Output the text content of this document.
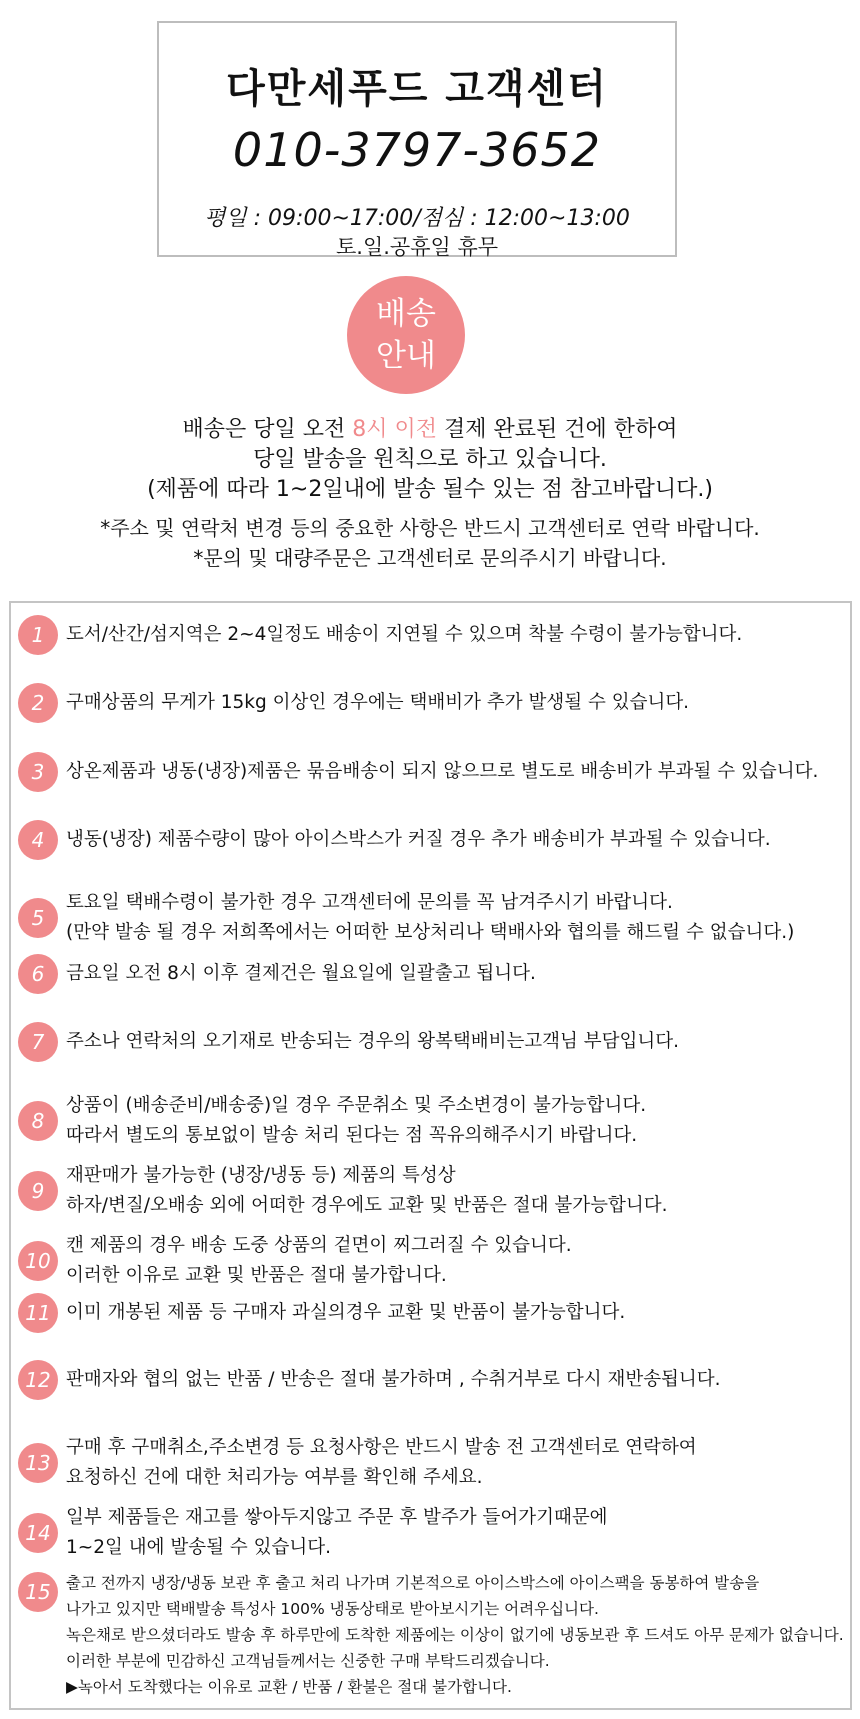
다만세푸드 고객센터
010-3797-3652
평일 : 09:00~17:00/점심 : 12:00~13:00
토.일.공휴일 휴무
배송
안내
배송은 당일 오전 8시 이전 결제 완료된 건에 한하여
당일 발송을 원칙으로 하고 있습니다.
(제품에 따라 1~2일내에 발송 될수 있는 점 참고바랍니다.)
*주소 및 연락처 변경 등의 중요한 사항은 반드시 고객센터로 연락 바랍니다.
*문의 및 대량주문은 고객센터로 문의주시기 바랍니다.
1	도서/산간/섬지역은 2~4일정도 배송이 지연될 수 있으며 착불 수령이 불가능합니다.
2	구매상품의 무게가 15kg 이상인 경우에는 택배비가 추가 발생될 수 있습니다.
3	상온제품과 냉동(냉장)제품은 묶음배송이 되지 않으므로 별도로 배송비가 부과될 수 있습니다.
4	냉동(냉장) 제품수량이 많아 아이스박스가 커질 경우 추가 배송비가 부과될 수 있습니다.
5
토요일 택배수령이 불가한 경우 고객센터에 문의를 꼭 남겨주시기 바랍니다.
(만약 발송 될 경우 저희쪽에서는 어떠한 보상처리나 택배사와 협의를 해드릴 수 없습니다.)
6	금요일 오전 8시 이후 결제건은 월요일에 일괄출고 됩니다.
7	주소나 연락처의 오기재로 반송되는 경우의 왕복택배비는고객님 부담입니다.
8
상품이 (배송준비/배송중)일 경우 주문취소 및 주소변경이 불가능합니다.
따라서 별도의 통보없이 발송 처리 된다는 점 꼭유의해주시기 바랍니다.
9
재판매가 불가능한 (냉장/냉동 등) 제품의 특성상
하자/변질/오배송 외에 어떠한 경우에도 교환 및 반품은 절대 불가능합니다.
10
캔 제품의 경우 배송 도중 상품의 겉면이 찌그러질 수 있습니다.
이러한 이유로 교환 및 반품은 절대 불가합니다.
11 이미 개봉된 제품 등 구매자 과실의경우 교환 및 반품이 불가능합니다.
12 판매자와 협의 없는 반품 / 반송은 절대 불가하며 , 수취거부로 다시 재반송됩니다.
13
구매 후 구매취소,주소변경 등 요청사항은 반드시 발송 전 고객센터로 연락하여
요청하신 건에 대한 처리가능 여부를 확인해 주세요.
14
일부 제품들은 재고를 쌓아두지않고 주문 후 발주가 들어가기때문에
1~2일 내에 발송될 수 있습니다.
15 출고 전까지 냉장/냉동 보관 후 출고 처리 나가며 기본적으로 아이스박스에 아이스팩을 동봉하여 발송을
나가고 있지만 택배발송 특성사 100% 냉동상태로 받아보시기는 어려우십니다.
녹은채로 받으셨더라도 발송 후 하루만에 도착한 제품에는 이상이 없기에 냉동보관 후 드셔도 아무 문제가 없습니다.
이러한 부분에 민감하신 고객님들께서는 신중한 구매 부탁드리겠습니다.
▶녹아서 도착했다는 이유로 교환 / 반품 / 환불은 절대 불가합니다.
